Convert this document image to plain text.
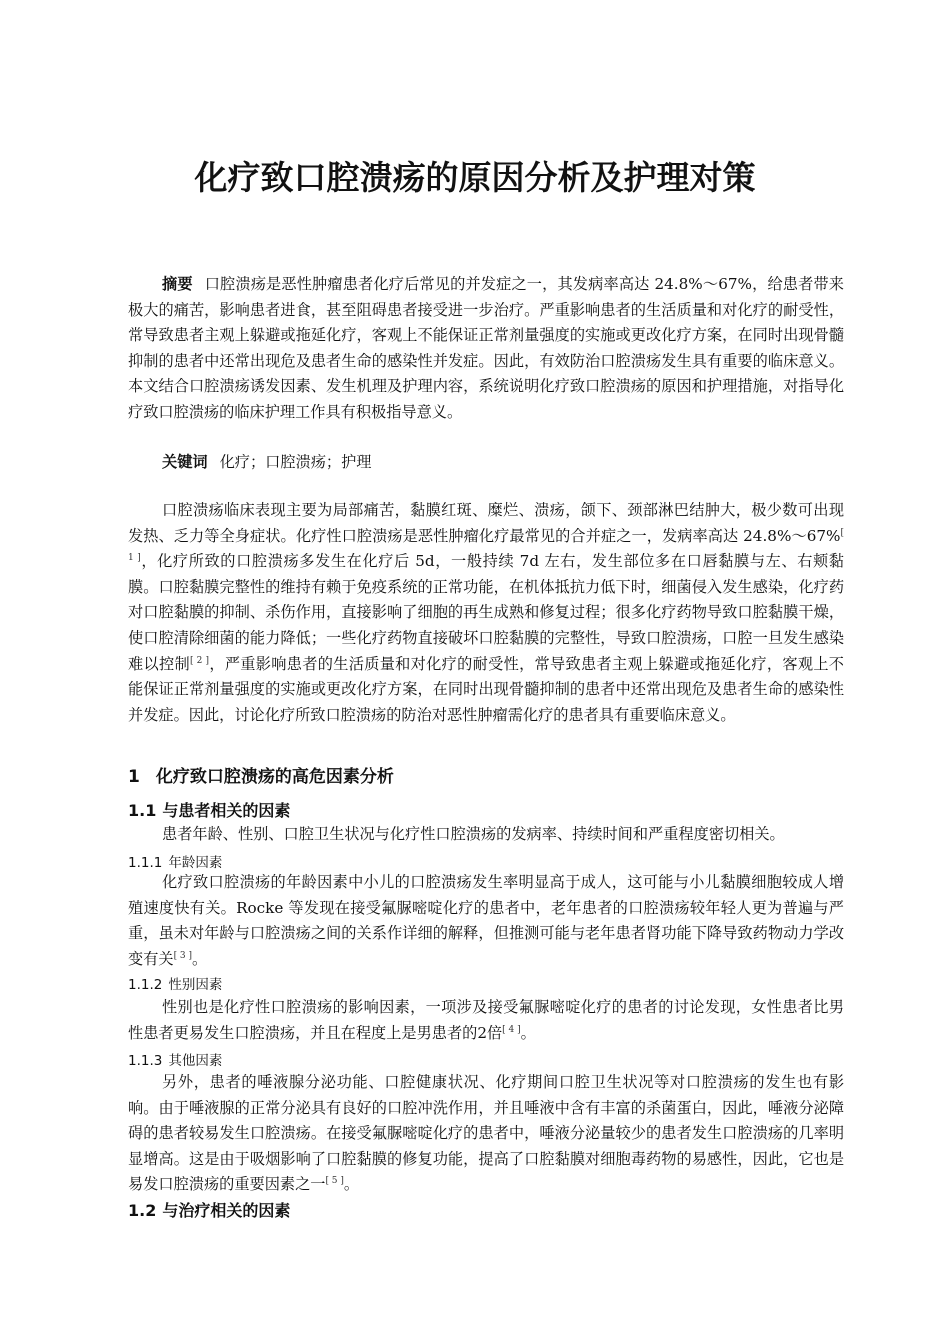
化疗致口腔溃疡的原因分析及护理对策
摘要 口腔溃疡是恶性肿瘤患者化疗后常见的并发症之一，其发病率高达 24.8%～67%，给患者带来极大的痛苦，影响患者进食，甚至阻碍患者接受进一步治疗。严重影响患者的生活质量和对化疗的耐受性，常导致患者主观上躲避或拖延化疗，客观上不能保证正常剂量强度的实施或更改化疗方案，在同时出现骨髓抑制的患者中还常出现危及患者生命的感染性并发症。因此，有效防治口腔溃疡发生具有重要的临床意义。本文结合口腔溃疡诱发因素、发生机理及护理内容，系统说明化疗致口腔溃疡的原因和护理措施，对指导化疗致口腔溃疡的临床护理工作具有积极指导意义。
关键词 化疗；口腔溃疡；护理
口腔溃疡临床表现主要为局部痛苦，黏膜红斑、糜烂、溃疡，颌下、颈部淋巴结肿大，极少数可出现发热、乏力等全身症状。化疗性口腔溃疡是恶性肿瘤化疗最常见的合并症之一，发病率高达 24.8%～67%[ 1 ]，化疗所致的口腔溃疡多发生在化疗后 5d，一般持续 7d 左右，发生部位多在口唇黏膜与左、右颊黏膜。口腔黏膜完整性的维持有赖于免疫系统的正常功能，在机体抵抗力低下时，细菌侵入发生感染，化疗药对口腔黏膜的抑制、杀伤作用，直接影响了细胞的再生成熟和修复过程；很多化疗药物导致口腔黏膜干燥，使口腔清除细菌的能力降低；一些化疗药物直接破坏口腔黏膜的完整性，导致口腔溃疡，口腔一旦发生感染难以控制[ 2 ]，严重影响患者的生活质量和对化疗的耐受性，常导致患者主观上躲避或拖延化疗，客观上不能保证正常剂量强度的实施或更改化疗方案，在同时出现骨髓抑制的患者中还常出现危及患者生命的感染性并发症。因此，讨论化疗所致口腔溃疡的防治对恶性肿瘤需化疗的患者具有重要临床意义。
1 化疗致口腔溃疡的高危因素分析
1.1 与患者相关的因素
患者年龄、性别、口腔卫生状况与化疗性口腔溃疡的发病率、持续时间和严重程度密切相关。
1.1.1 年龄因素
化疗致口腔溃疡的年龄因素中小儿的口腔溃疡发生率明显高于成人，这可能与小儿黏膜细胞较成人增殖速度快有关。Rocke 等发现在接受氟脲嘧啶化疗的患者中，老年患者的口腔溃疡较年轻人更为普遍与严重，虽未对年龄与口腔溃疡之间的关系作详细的解释，但推测可能与老年患者肾功能下降导致药物动力学改变有关[ 3 ]。
1.1.2 性别因素
性别也是化疗性口腔溃疡的影响因素，一项涉及接受氟脲嘧啶化疗的患者的讨论发现，女性患者比男性患者更易发生口腔溃疡，并且在程度上是男患者的2倍[ 4 ]。
1.1.3 其他因素
另外，患者的唾液腺分泌功能、口腔健康状况、化疗期间口腔卫生状况等对口腔溃疡的发生也有影响。由于唾液腺的正常分泌具有良好的口腔冲洗作用，并且唾液中含有丰富的杀菌蛋白，因此，唾液分泌障碍的患者较易发生口腔溃疡。在接受氟脲嘧啶化疗的患者中，唾液分泌量较少的患者发生口腔溃疡的几率明显增高。这是由于吸烟影响了口腔黏膜的修复功能，提高了口腔黏膜对细胞毒药物的易感性，因此，它也是易发口腔溃疡的重要因素之一[ 5 ]。
1.2 与治疗相关的因素
